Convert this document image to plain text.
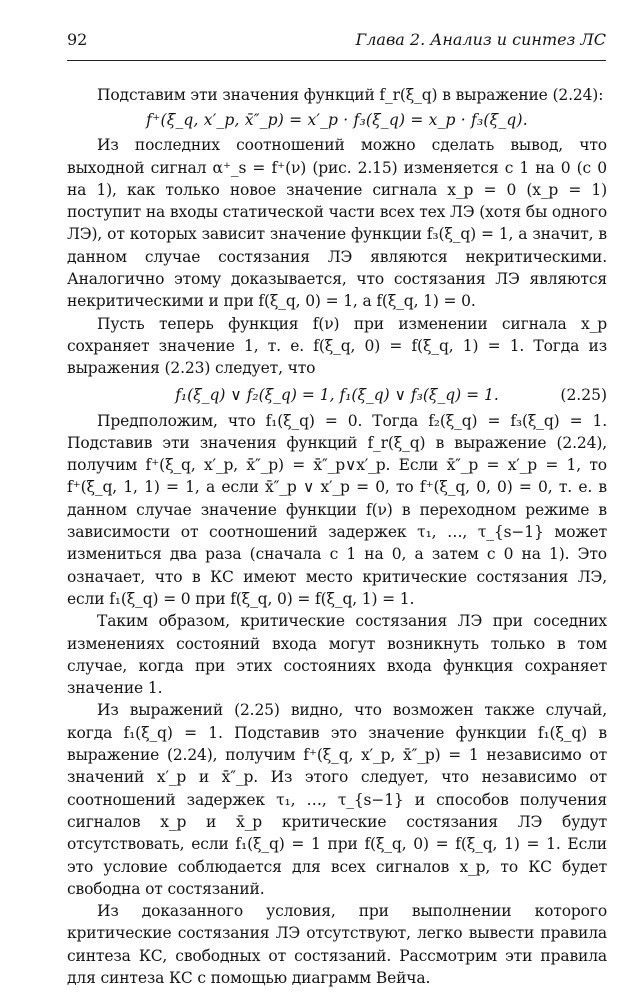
92	Глава 2. Анализ и синтез ЛС

Подставим эти значения функций f_r(ξ_q) в выражение (2.24):

f⁺(ξ_q, x′_p, x̄″_p) = x′_p · f₃(ξ_q) = x_p · f₃(ξ_q).

Из последних соотношений можно сделать вывод, что выходной сигнал α⁺_s = f⁺(ν) (рис. 2.15) изменяется с 1 на 0 (с 0 на 1), как только новое значение сигнала x_p = 0 (x_p = 1) поступит на входы статической части всех тех ЛЭ (хотя бы одного ЛЭ), от которых зависит значение функции f₃(ξ_q) = 1, а значит, в данном случае состязания ЛЭ являются некритическими. Аналогично этому доказывается, что состязания ЛЭ являются некритическими и при f(ξ_q, 0) = 1, а f(ξ_q, 1) = 0.

Пусть теперь функция f(ν) при изменении сигнала x_p сохраняет значение 1, т. е. f(ξ_q, 0) = f(ξ_q, 1) = 1. Тогда из выражения (2.23) следует, что

f₁(ξ_q) ∨ f₂(ξ_q) = 1, f₁(ξ_q) ∨ f₃(ξ_q) = 1.	(2.25)

Предположим, что f₁(ξ_q) = 0. Тогда f₂(ξ_q) = f₃(ξ_q) = 1. Подставив эти значения функций f_r(ξ_q) в выражение (2.24), получим f⁺(ξ_q, x′_p, x̄″_p) = x̄″_p∨x′_p. Если x̄″_p = x′_p = 1, то f⁺(ξ_q, 1, 1) = 1, а если x̄″_p ∨ x′_p = 0, то f⁺(ξ_q, 0, 0) = 0, т. е. в данном случае значение функции f(ν) в переходном режиме в зависимости от соотношений задержек τ₁, …, τ_{s−1} может измениться два раза (сначала с 1 на 0, а затем с 0 на 1). Это означает, что в КС имеют место критические состязания ЛЭ, если f₁(ξ_q) = 0 при f(ξ_q, 0) = f(ξ_q, 1) = 1.

Таким образом, критические состязания ЛЭ при соседних изменениях состояний входа могут возникнуть только в том случае, когда при этих состояниях входа функция сохраняет значение 1.

Из выражений (2.25) видно, что возможен также случай, когда f₁(ξ_q) = 1. Подставив это значение функции f₁(ξ_q) в выражение (2.24), получим f⁺(ξ_q, x′_p, x̄″_p) = 1 независимо от значений x′_p и x̄″_p. Из этого следует, что независимо от соотношений задержек τ₁, …, τ_{s−1} и способов получения сигналов x_p и x̄_p критические состязания ЛЭ будут отсутствовать, если f₁(ξ_q) = 1 при f(ξ_q, 0) = f(ξ_q, 1) = 1. Если это условие соблюдается для всех сигналов x_p, то КС будет свободна от состязаний.

Из доказанного условия, при выполнении которого критические состязания ЛЭ отсутствуют, легко вывести правила синтеза КС, свободных от состязаний. Рассмотрим эти правила для синтеза КС с помощью диаграмм Вейча.
